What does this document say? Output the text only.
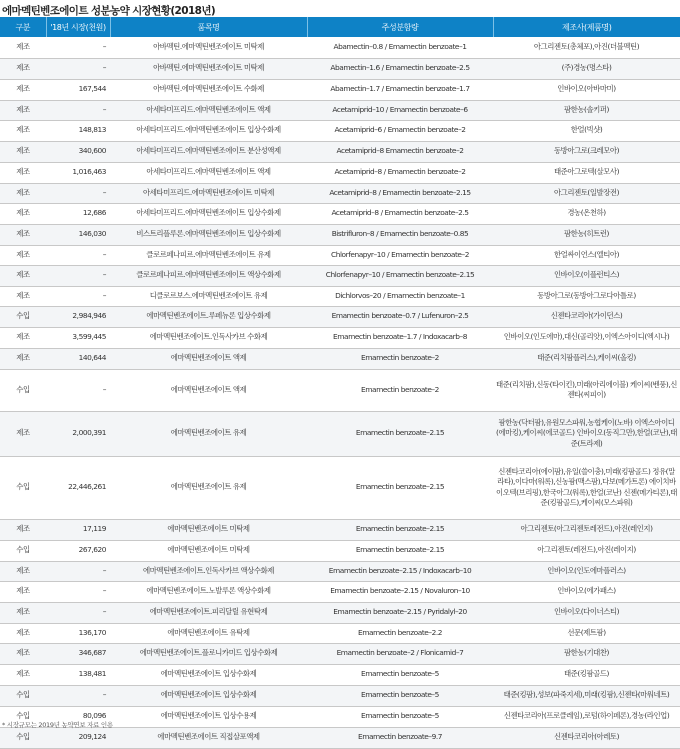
에마멕틴벤조에이트 성분농약 시장현황(2018년)
구분	'18년 시장(천원)	품목명	주성분함량	제조사(제품명)
제조	–	아바멕틴.에마멕틴벤조에이트 미탁제	Abamectin–0.8 / Emamectin benzoate–1	아그리젠토(총체포),아진(더블멕틴)
제조	–	아바멕틴.에마멕틴벤조에이트 미탁제	Abamectin–1.6 / Emamectin benzoate–2.5	(주)경농(명스타)
제조	167,544	아바멕틴.에마멕틴벤조에이트 수화제	Abamectin–1.7 / Emamectin benzoate–1.7	인바이오(아바마미)
제조	–	아세타미프리드.에마멕틴벤조에이트 액제	Acetamiprid–10 / Emamectin benzoate–6	팜한농(솔키퍼)
제조	148,813	아세타미프리드.에마멕틴벤조에이트 입상수화제	Acetamiprid–6 / Emamectin benzoate–2	한얼(빅샷)
제조	340,600	아세타미프리드.에마멕틴벤조에이트 분산성액제	Acetamiprid–8 Emamectin benzoate–2	동방아그로(크레모아)
제조	1,016,463	아세타미프리드.에마멕틴벤조에이트 액제	Acetamiprid–8 / Emamectin benzoate–2	태준아그로텍(살모사)
제조	–	아세타미프리드.에마멕틴벤조에이트 미탁제	Acetamiprid–8 / Emamectin benzoate–2.15	아그리젠토(일발장전)
제조	12,686	아세타미프리드.에마멕틴벤조에이트 입상수화제	Acetamiprid–8 / Emamectin benzoate–2.5	경농(온천하)
제조	146,030	비스트리플루론.에마멕틴벤조에이트 입상수화제	Bistrifluron–8 / Emamectin benzoate–0.85	팜한농(히트런)
제조	–	클로르페나피르.에마멕틴벤조에이트 유제	Chlorfenapyr–10 / Emamectin benzoate–2	한얼싸이언스(엘티아)
제조	–	클로르페나피르.에마멕틴벤조에이트 액상수화제	Chlorfenapyr–10 / Emamectin benzoate–2.15	인바이오(이플런티스)
제조	–	디클로르보스.에마멕틴벤조에이트 유제	Dichlorvos–20 / Emamectin benzoate–1	동방아그로(동방아그로다아틀로)
수입	2,984,946	에마멕틴벤조에이트.루페뉴론 입상수화제	Emamectin benzoate–0.7 / Lufenuron–2.5	신젠타코리아(가이던스)
제조	3,599,445	에마멕틴벤조에이트.인독사카브 수화제	Emamectin benzoate–1.7 / Indoxacarb–8	인바이오(인도에마),대신(골리앗),이엑스아이디(엑시나)
제조	140,644	에마멕틴벤조에이트 액제	Emamectin benzoate–2	태준(리치팜플러스),케이씨(올킹)
수입	–	에마멕틴벤조에이트 액제	Emamectin benzoate–2	태준(리치팜),신동(타이킨),미래(아리에이블) 케이씨(벤풍),신젠타(씨피이)
제조	2,000,391	에마멕틴벤조에이트 유제	Emamectin benzoate–2.15	팜한농(닥터팜),유원모스파워,농협케이(노바) 이엑스아이디(에마킹),케이씨(에코골드) 인바이오(동직그만),한얼(코난),태준(트라제)
수입	22,446,261	에마멕틴벤조에이트 유제	Emamectin benzoate–2.15	신젠타코리아(에이팜),유일(쓸이충),미래(킹팜골드) 정유(말라타),이다마(워록),신농팜(맥스팜),다보(메가트론) 에이치바이오텍(브리핑),한국아그(워록),한얼(코난) 신젠(메가티론),태준(킹팜골드),케이씨(모스파워)
제조	17,119	에마멕틴벤조에이트 미탁제	Emamectin benzoate–2.15	아그리젠토(아그리젠토레전드),아진(레인지)
수입	267,620	에마멕틴벤조에이트 미탁제	Emamectin benzoate–2.15	아그리젠토(레전드),아진(레이지)
제조	–	에마멕틴벤조에이트.인독사카브 액상수화제	Emamectin benzoate–2.15 / Indoxacarb–10	인바이오(인도에마플러스)
제조	–	에마멕틴벤조에이트.노발루론 액상수화제	Emamectin benzoate–2.15 / Novaluron–10	인바이오(에가패스)
제조	–	에마멕틴벤조에이트.피리달릴 유현탁제	Emamectin benzoate–2.15 / Pyridalyl–20	인바이오(다이너스티)
제조	136,170	에마멕틴벤조에이트 유탁제	Emamectin benzoate–2.2	선문(제트팜)
제조	346,687	에마멕틴벤조에이트.플로니카미드 입상수화제	Emamectin benzoate–2 / Flonicamid–7	팜한농(기대찬)
제조	138,481	에마멕틴벤조에이트 입상수화제	Emamectin benzoate–5	태준(킹팜골드)
수입	–	에마멕틴벤조에이트 입상수화제	Emamectin benzoate–5	태준(킹팜),성보(파죽지세),미래(킹팜),신젠타(마워네트)
수입	80,096	에마멕틴벤조에이트 입상수용제	Emamectin benzoate–5	신젠타코리아(프로클레임),로텀(하이페론),경농(라인업)
수입	209,124	에마멕틴벤조에이트 직접살포액제	Emamectin benzoate–9.7	신젠타코리아(아레토)
* 시장규모는 2019년 농약연보 자료 인용
